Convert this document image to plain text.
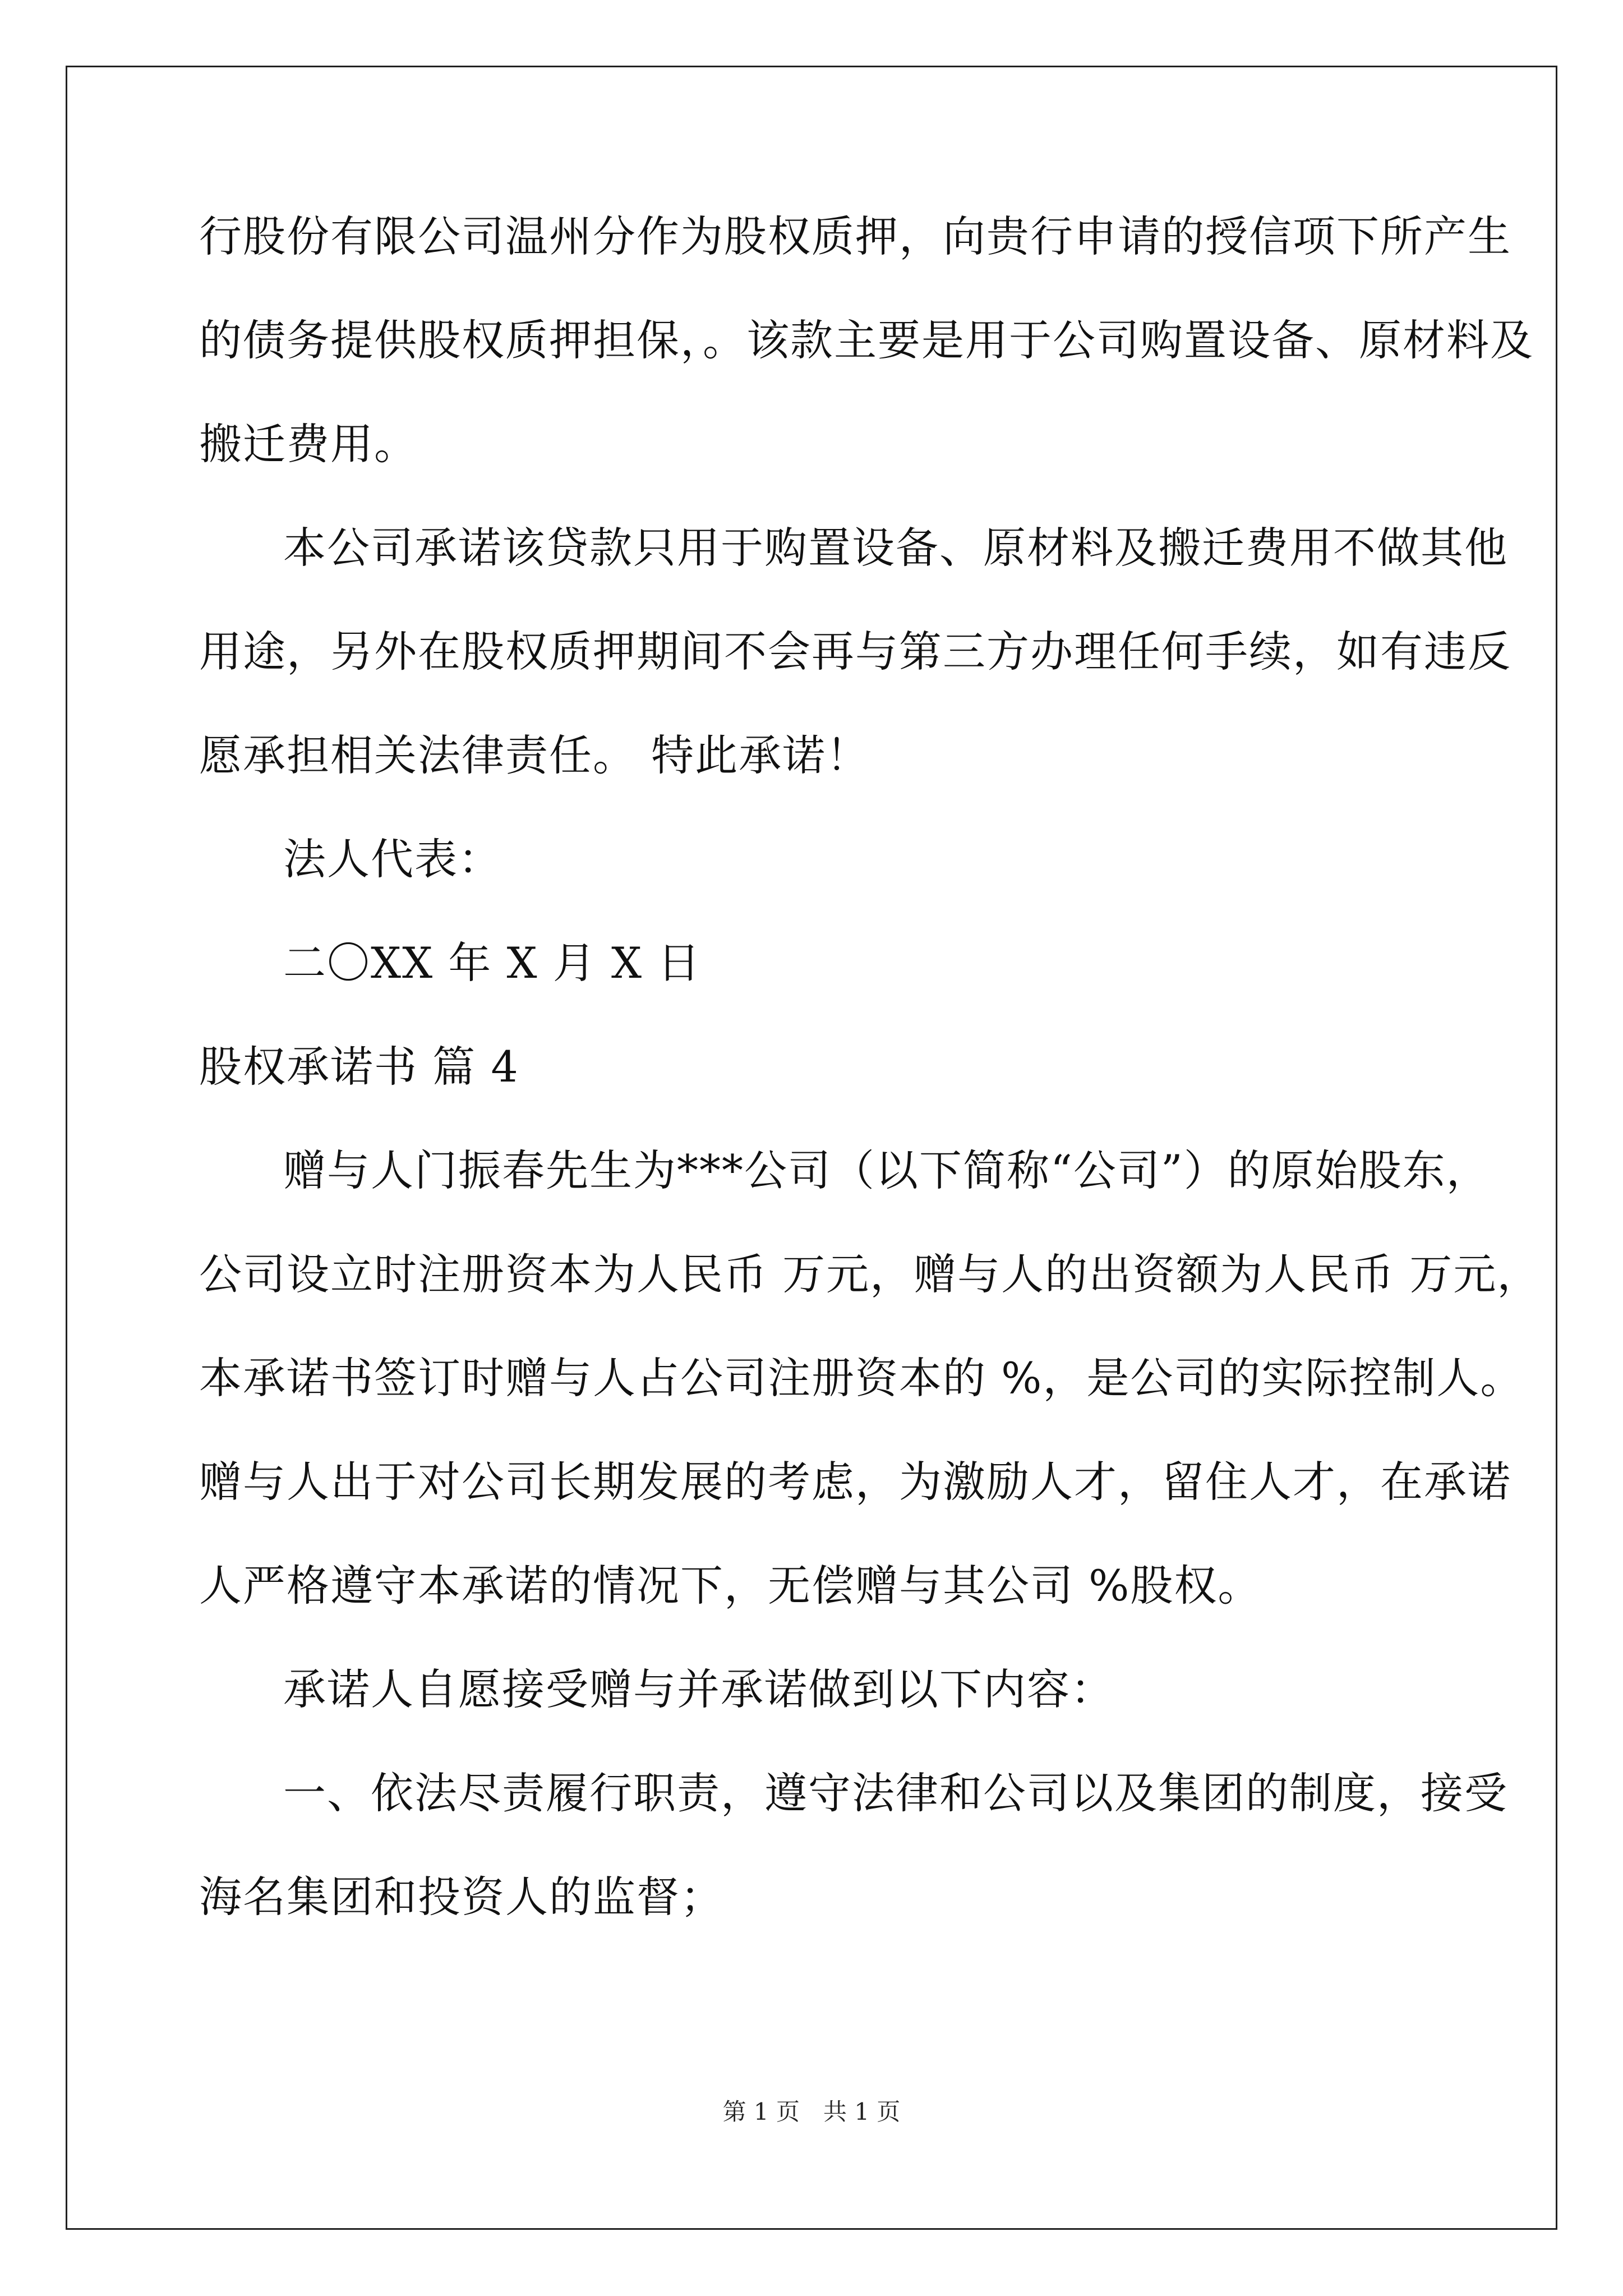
行股份有限公司温州分作为股权质押，向贵行申请的授信项下所产生
的债务提供股权质押担保，。该款主要是用于公司购置设备、原材料及
搬迁费用。
本公司承诺该贷款只用于购置设备、原材料及搬迁费用不做其他
用途，另外在股权质押期间不会再与第三方办理任何手续，如有违反
愿承担相关法律责任。 特此承诺！
法人代表：
二〇XX 年 X 月 X 日
股权承诺书 篇 4
赠与人门振春先生为***公司（以下简称“公司”）的原始股东，
公司设立时注册资本为人民币 万元，赠与人的出资额为人民币 万元，
本承诺书签订时赠与人占公司注册资本的 %，是公司的实际控制人。
赠与人出于对公司长期发展的考虑，为激励人才，留住人才，在承诺
人严格遵守本承诺的情况下，无偿赠与其公司 %股权。
承诺人自愿接受赠与并承诺做到以下内容：
一、依法尽责履行职责，遵守法律和公司以及集团的制度，接受
海名集团和投资人的监督；
第 1 页　共 1 页
